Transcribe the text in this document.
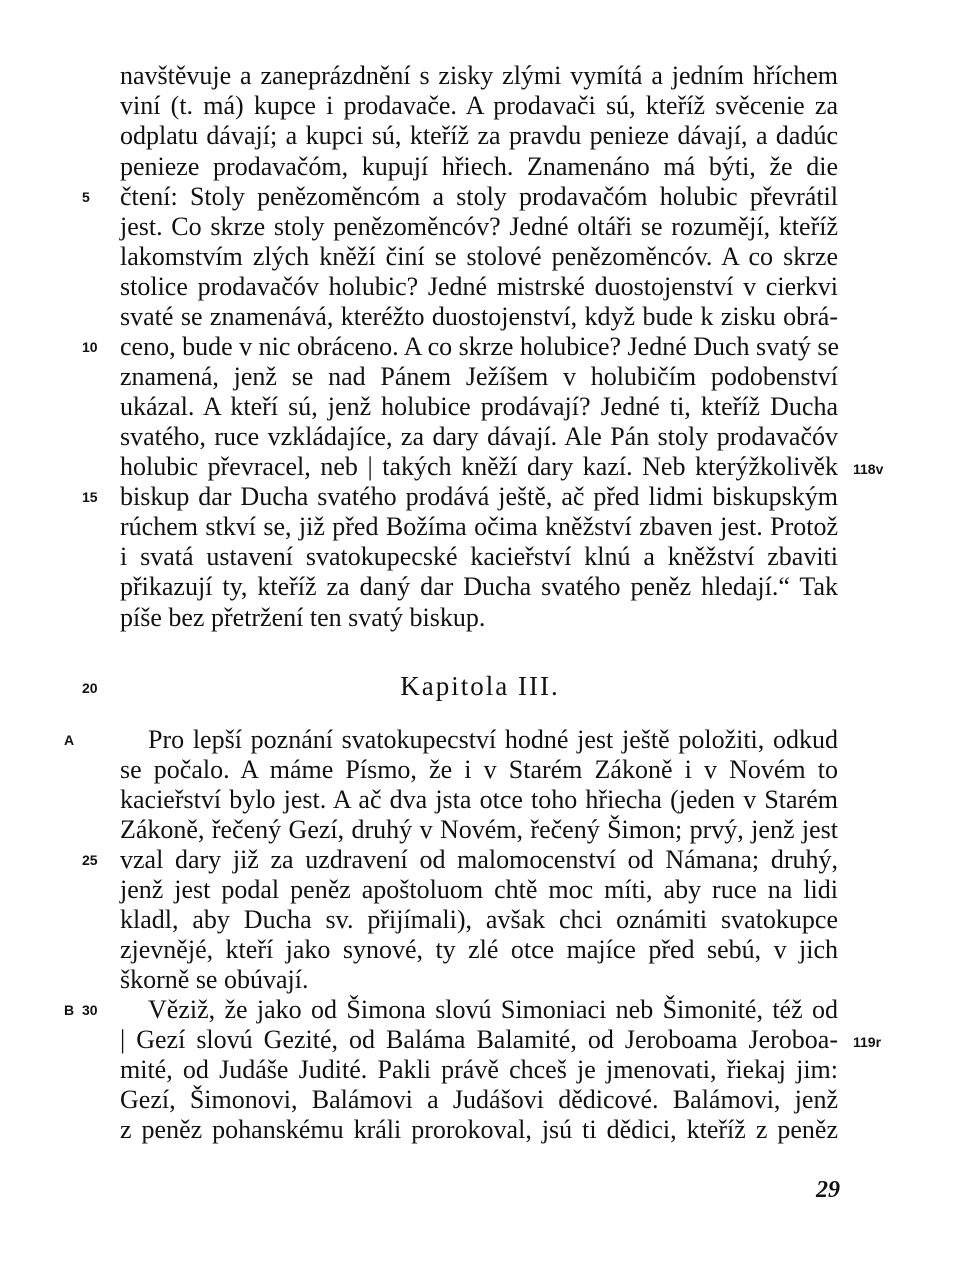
navštěvuje a zaneprázdnění s zisky zlými vymítá a jedním hříchem
viní (t. má) kupce i prodavače. A prodavači sú, kteříž svěcenie za
odplatu dávají; a kupci sú, kteříž za pravdu penieze dávají, a dadúc
penieze prodavačóm, kupují hřiech. Znamenáno má býti, že die
5	čtení: Stoly penězoměncóm a stoly prodavačóm holubic převrátil
jest. Co skrze stoly penězoměncóv? Jedné oltáři se rozumějí, kteříž
lakomstvím zlých kněží činí se stolové penězoměncóv. A co skrze
stolice prodavačóv holubic? Jedné mistrské duostojenství v cierkvi
svaté se znamenává, kteréžto duostojenství, když bude k zisku obrá-
10 ceno, bude v nic obráceno. A co skrze holubice? Jedné Duch svatý se
znamená, jenž se nad Pánem Ježíšem v holubičím podobenství
ukázal. A kteří sú, jenž holubice prodávají? Jedné ti, kteříž Ducha
svatého, ruce vzkládajíce, za dary dávají. Ale Pán stoly prodavačóv
holubic převracel, neb | takých kněží dary kazí. Neb kterýžkolivěk 118v
15 biskup dar Ducha svatého prodává ještě, ač před lidmi biskupským
rúchem stkví se, již před Božíma očima kněžství zbaven jest. Protož
i svatá ustavení svatokupecské kacieřství klnú a kněžství zbaviti
přikazují ty, kteříž za daný dar Ducha svatého peněz hledají.“ Tak
píše bez přetržení ten svatý biskup.
20	Kapitola III.
A	Pro lepší poznání svatokupecství hodné jest ještě položiti, odkud
se počalo. A máme Písmo, že i v Starém Zákoně i v Novém to
kacieřství bylo jest. A ač dva jsta otce toho hřiecha (jeden v Starém
Zákoně, řečený Gezí, druhý v Novém, řečený Šimon; prvý, jenž jest
25 vzal dary již za uzdravení od malomocenství od Námana; druhý,
jenž jest podal peněz apoštoluom chtě moc míti, aby ruce na lidi
kladl, aby Ducha sv. přijímali), avšak chci oznámiti svatokupce
zjevnějé, kteří jako synové, ty zlé otce majíce před sebú, v jich
škorně se obúvají.
B 30	Věziž, že jako od Šimona slovú Simoniaci neb Šimonité, též od
| Gezí slovú Gezité, od Baláma Balamité, od Jeroboama Jeroboa- 119r
mité, od Judáše Judité. Pakli právě chceš je jmenovati, řiekaj jim:
Gezí, Šimonovi, Balámovi a Judášovi dědicové. Balámovi, jenž
z peněz pohanskému králi prorokoval, jsú ti dědici, kteříž z peněz
29
